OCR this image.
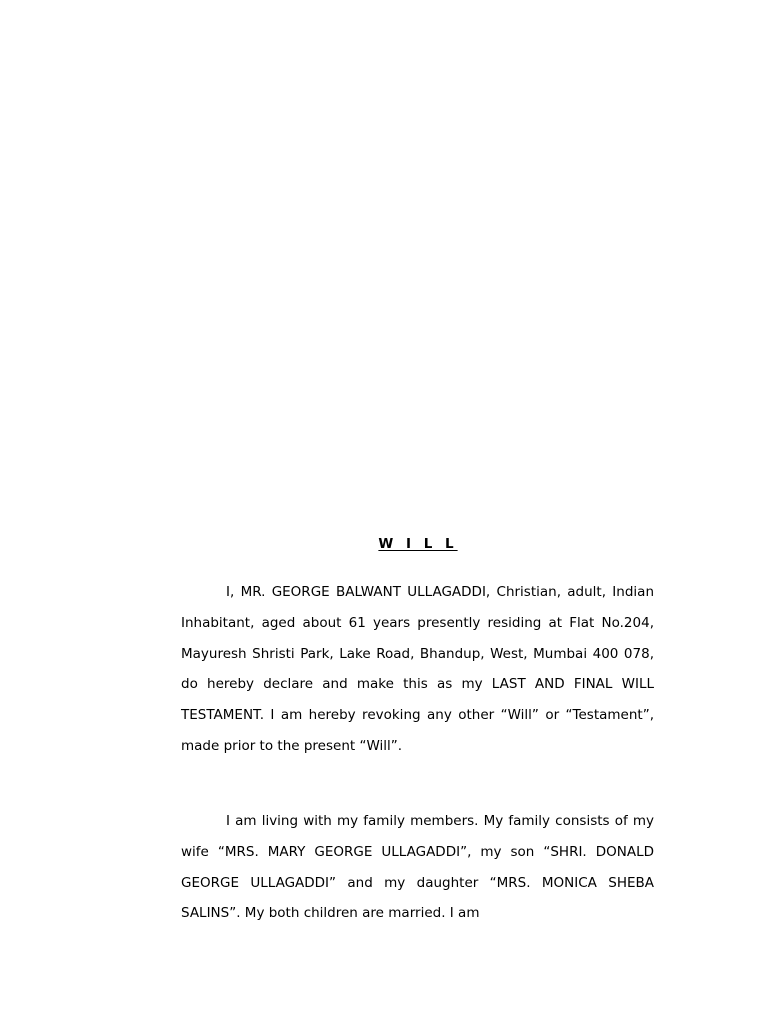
W I L L

I, MR. GEORGE BALWANT ULLAGADDI, Christian, adult, Indian Inhabitant, aged about 61 years presently residing at Flat No.204, Mayuresh Shristi Park, Lake Road, Bhandup, West, Mumbai 400 078, do hereby declare and make this as my LAST AND FINAL WILL TESTAMENT. I am hereby revoking any other “Will” or “Testament”, made prior to the present “Will”.

I am living with my family members. My family consists of my wife “MRS. MARY GEORGE ULLAGADDI”, my son “SHRI. DONALD GEORGE ULLAGADDI” and my daughter “MRS. MONICA SHEBA SALINS”. My both children are married. I am
